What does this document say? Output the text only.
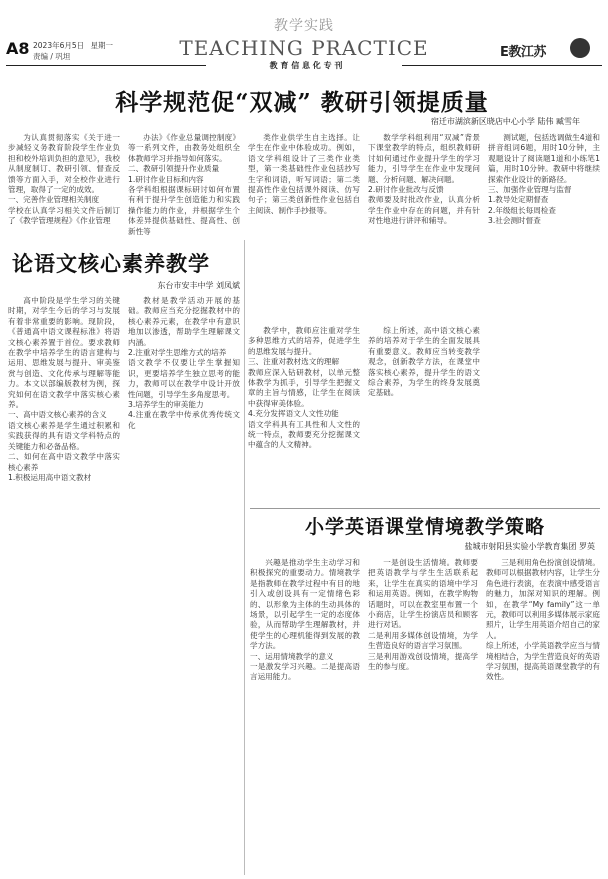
A8 2023年6月5日 星期一
责编 / 巩坦
教学实践
TEACHING PRACTICE	E教江苏
教 育 信 息 化 专 刊
科学规范促“双减” 教研引领提质量
宿迁市湖滨新区晓店中心小学 陆伟 臧雪年

为认真贯彻落实《关于进一步减轻义务教育阶段学生作业负担和校外培训负担的意见》，我校从制度制订、教研引领、督查反馈等方面入手，对全校作业进行管理，取得了一定的成效。
一、完善作业管理相关制度
学校在认真学习相关文件后制订了《教学管理规程》《作业管理

办法》《作业总量调控制度》等一系列文件，由教务处组织全体教师学习并指导如何落实。
二、教研引领提升作业质量
1.研讨作业目标和内容
各学科组根据课标研讨如何布置有利于提升学生创造能力和实践操作能力的作业，并根据学生个体差异提供基础性、提高性、创新性等

类作业供学生自主选择。让学生在作业中体验成功。例如，语文学科组设计了三类作业类型，第一类基础性作业包括抄写生字和词语，听写词语；第二类提高性作业包括课外阅读、仿写句子；第三类创新性作业包括自主阅读、制作手抄报等。

数学学科组利用“双减”背景下课堂教学的特点，组织教师研讨如何通过作业提升学生的学习能力，引导学生在作业中发现问题、分析问题、解决问题。
2.研讨作业批改与反馈
教师要及时批改作业，认真分析学生作业中存在的问题，并有针对性地进行讲评和辅导。

测试题，包括选调做生4道和拼音组词6题，用时10分钟，主观题设计了阅读题1道和小练笔1篇，用时10分钟。教研中将继续探索作业设计的新路径。
三、加强作业管理与监督
1.教导处定期督查
2.年级组长每周检查
3.社会测时督查

论语文核心素养教学
东台市安丰中学 刘凤斌

高中阶段是学生学习的关键时期，对学生今后的学习与发展有着非常重要的影响。现阶段，《普通高中语文课程标准》将语文核心素养置于首位。要求教师在教学中培养学生的语言建构与运用、思维发展与提升、审美鉴赏与创造、文化传承与理解等能力。本文以部编版教材为例，探究如何在语文教学中落实核心素养。
一、高中语文核心素养的含义
语文核心素养是学生通过积累和实践获得的具有语文学科特点的关键能力和必备品格。
二、如何在高中语文教学中落实核心素养
1.积极运用高中语文教材

教材是教学活动开展的基础。教师应当充分挖掘教材中的核心素养元素，在教学中有意识地加以渗透，帮助学生理解课文内涵。
2.注重对学生思维方式的培养
语文教学不仅要让学生掌握知识，更要培养学生独立思考的能力，教师可以在教学中设计开放性问题，引导学生多角度思考。
3.培养学生的审美能力
4.注重在教学中传承优秀传统文化

教学中，教师应注重对学生多种思维方式的培养，促进学生的思维发展与提升。
三、注重对教材选文的理解
教师应深入钻研教材，以单元整体教学为抓手，引导学生把握文章的主旨与情感，让学生在阅读中获得审美体验。
4.充分发挥语文人文性功能
语文学科具有工具性和人文性的统一特点，教师要充分挖掘课文中蕴含的人文精神。

综上所述，高中语文核心素养的培养对于学生的全面发展具有重要意义。教师应当转变教学观念，创新教学方法，在课堂中落实核心素养，提升学生的语文综合素养，为学生的终身发展奠定基础。

小学英语课堂情境教学策略
盐城市射阳县实验小学教育集团 罗英

兴趣是推动学生主动学习和积极探究的重要动力。情境教学是指教师在教学过程中有目的地引入或创设具有一定情绪色彩的、以形象为主体的生动具体的场景，以引起学生一定的态度体验，从而帮助学生理解教材，并使学生的心理机能得到发展的教学方法。
一、运用情境教学的意义
一是激发学习兴趣。二是提高语言运用能力。

一是创设生活情境。教师要把英语教学与学生生活联系起来，让学生在真实的语境中学习和运用英语。例如，在教学购物话题时，可以在教室里布置一个小商店，让学生扮演店员和顾客进行对话。
二是利用多媒体创设情境，为学生营造良好的语言学习氛围。
三是利用游戏创设情境，提高学生的参与度。

三是利用角色扮演创设情境。教师可以根据教材内容，让学生分角色进行表演，在表演中感受语言的魅力，加深对知识的理解。例如，在教学“My family”这一单元，教师可以利用多媒体展示家庭照片，让学生用英语介绍自己的家人。
综上所述，小学英语教学应当与情境相结合，为学生营造良好的英语学习氛围，提高英语课堂教学的有效性。
